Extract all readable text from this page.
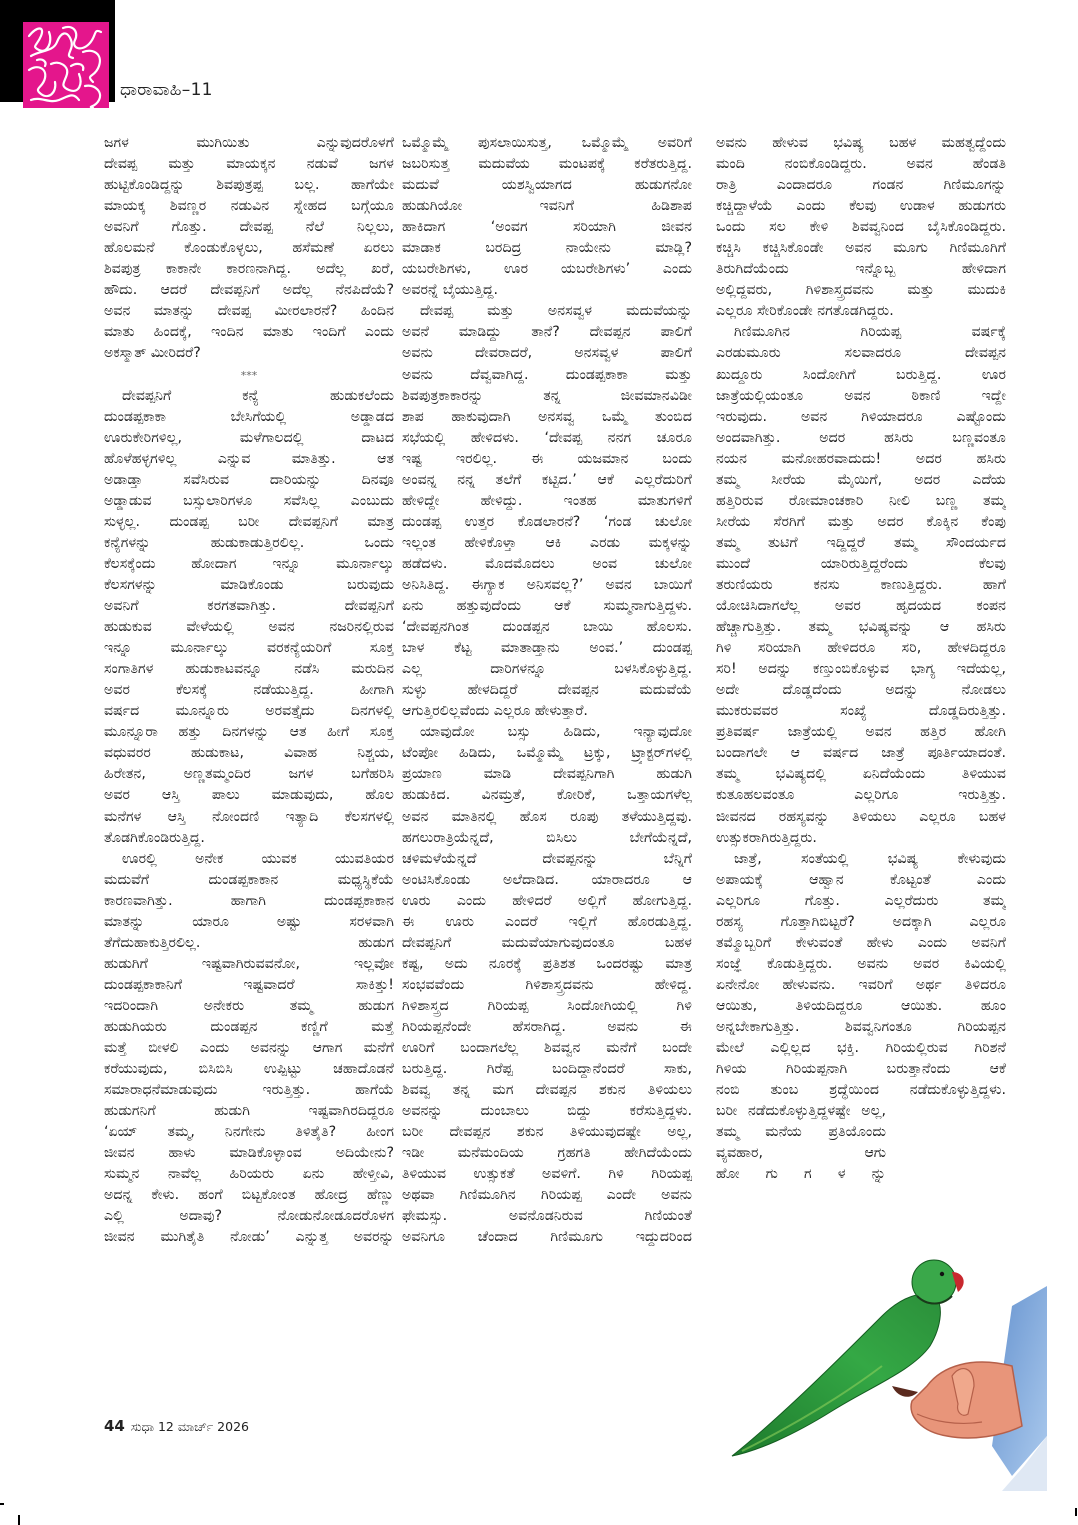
ಧಾರಾವಾಹಿ–11
ಜಗಳ ಮುಗಿಯಿತು ಎನ್ನುವುದರೊಳಗೆ
ದೇವಪ್ಪ ಮತ್ತು ಮಾಯಕ್ಕನ ನಡುವೆ ಜಗಳ
ಹುಟ್ಟಿಕೊಂಡಿದ್ದನ್ನು ಶಿವಪುತ್ರಪ್ಪ ಬಲ್ಲ. ಹಾಗೆಯೇ
ಮಾಯಕ್ಕ ಶಿವಣ್ಣರ ನಡುವಿನ ಸ್ನೇಹದ ಬಗ್ಗೆಯೂ
ಅವನಿಗೆ ಗೊತ್ತು. ದೇವಪ್ಪ ನೆಲೆ ನಿಲ್ಲಲು,
ಹೊಲಮನೆ ಕೊಂಡುಕೊಳ್ಳಲು, ಹಸೆಮಣೆ ಏರಲು
ಶಿವಪುತ್ರ ಕಾಕಾನೇ ಕಾರಣನಾಗಿದ್ದ. ಅದೆಲ್ಲ ಖರೆ,
ಹೌದು. ಆದರೆ ದೇವಪ್ಪನಿಗೆ ಅದೆಲ್ಲ ನೆನಪಿದೆಯೆ?
ಅವನ ಮಾತನ್ನು ದೇವಪ್ಪ ಮೀರಲಾರನೆ? ಹಿಂದಿನ
ಮಾತು ಹಿಂದಕ್ಕೆ, ಇಂದಿನ ಮಾತು ಇಂದಿಗೆ ಎಂದು
ಅಕಸ್ಮಾತ್ ಮೀರಿದರೆ?
***
ದೇವಪ್ಪನಿಗೆ ಕನ್ಯೆ ಹುಡುಕಲೆಂದು
ದುಂಡಪ್ಪಕಾಕಾ ಬೇಸಿಗೆಯಲ್ಲಿ ಅಡ್ಡಾಡದ
ಊರುಕೇರಿಗಳಿಲ್ಲ, ಮಳೆಗಾಲದಲ್ಲಿ ದಾಟದ
ಹೊಳೆಹಳ್ಳಗಳಿಲ್ಲ ಎನ್ನುವ ಮಾತಿತ್ತು. ಆತ
ಅಡಾಡ್ತಾ ಸವೆಸಿರುವ ದಾರಿಯನ್ನು ದಿನವೂ
ಅಡ್ಡಾಡುವ ಬಸ್ಸುಲಾರಿಗಳೂ ಸವೆಸಿಲ್ಲ ಎಂಬುದು
ಸುಳ್ಳಲ್ಲ. ದುಂಡಪ್ಪ ಬರೀ ದೇವಪ್ಪನಿಗೆ ಮಾತ್ರ
ಕನ್ಯೆಗಳನ್ನು ಹುಡುಕಾಡುತ್ತಿರಲಿಲ್ಲ. ಒಂದು
ಕೆಲಸಕ್ಕೆಂದು ಹೋದಾಗ ಇನ್ನೂ ಮೂರ್ನಾಲ್ಕು
ಕೆಲಸಗಳನ್ನು ಮಾಡಿಕೊಂಡು ಬರುವುದು
ಅವನಿಗೆ ಕರಗತವಾಗಿತ್ತು. ದೇವಪ್ಪನಿಗೆ
ಹುಡುಕುವ ವೇಳೆಯಲ್ಲಿ ಅವನ ನಜರಿನಲ್ಲಿರುವ
ಇನ್ನೂ ಮೂರ್ನಾಲ್ಕು ವರಕನ್ಯೆಯರಿಗೆ ಸೂಕ್ತ
ಸಂಗಾತಿಗಳ ಹುಡುಕಾಟವನ್ನೂ ನಡೆಸಿ ಮರುದಿನ
ಅವರ ಕೆಲಸಕ್ಕೆ ನಡೆಯುತ್ತಿದ್ದ. ಹೀಗಾಗಿ
ವರ್ಷದ ಮೂನ್ನೂರು ಅರವತ್ತೈದು ದಿನಗಳಲ್ಲಿ
ಮೂನ್ನೂರಾ ಹತ್ತು ದಿನಗಳನ್ನು ಆತ ಹೀಗೆ ಸೂಕ್ತ
ವಧುವರರ ಹುಡುಕಾಟ, ವಿವಾಹ ನಿಶ್ಚಯ,
ಹಿರೇತನ, ಅಣ್ಣತಮ್ಮಂದಿರ ಜಗಳ ಬಗೆಹರಿಸಿ
ಅವರ ಆಸ್ತಿ ಪಾಲು ಮಾಡುವುದು, ಹೊಲ
ಮನೆಗಳ ಆಸ್ತಿ ನೋಂದಣಿ ಇತ್ಯಾದಿ ಕೆಲಸಗಳಲ್ಲಿ
ತೊಡಗಿಕೊಂಡಿರುತ್ತಿದ್ದ.
ಊರಲ್ಲಿ ಅನೇಕ ಯುವಕ ಯುವತಿಯರ
ಮದುವೆಗೆ ದುಂಡಪ್ಪಕಾಕಾನ ಮಧ್ಯಸ್ಥಿಕೆಯೆ
ಕಾರಣವಾಗಿತ್ತು. ಹಾಗಾಗಿ ದುಂಡಪ್ಪಕಾಕಾನ
ಮಾತನ್ನು ಯಾರೂ ಅಷ್ಟು ಸರಳವಾಗಿ
ತೆಗೆದುಹಾಕುತ್ತಿರಲಿಲ್ಲ. ಹುಡುಗ
ಹುಡುಗಿಗೆ ಇಷ್ಟವಾಗಿರುವವನೋ, ಇಲ್ಲವೋ
ದುಂಡಪ್ಪಕಾಕಾನಿಗೆ ಇಷ್ಟವಾದರೆ ಸಾಕಿತ್ತು!
ಇದರಿಂದಾಗಿ ಅನೇಕರು ತಮ್ಮ ಹುಡುಗ
ಹುಡುಗಿಯರು ದುಂಡಪ್ಪನ ಕಣ್ಣಿಗೆ ಮತ್ತೆ
ಮತ್ತೆ ಬೀಳಲಿ ಎಂದು ಅವನನ್ನು ಆಗಾಗ ಮನೆಗೆ
ಕರೆಯುವುದು, ಬಿಸಿಬಿಸಿ ಉಪ್ಪಿಟ್ಟು ಚಹಾದೊಡನೆ
ಸಮಾರಾಧನೆಮಾಡುವುದು ಇರುತ್ತಿತ್ತು. ಹಾಗೆಯೆ
ಹುಡುಗನಿಗೆ ಹುಡುಗಿ ಇಷ್ಟವಾಗಿರದಿದ್ದರೂ
‘ಏಯ್ ತಮ್ಮ, ನಿನಗೇನು ತಿಳಿತೈತಿ? ಹೀಂಗ
ಜೀವನ ಹಾಳು ಮಾಡಿಕೊಳ್ಳಾಂವ ಅದಿಯೇನು?
ಸುಮ್ಮನ ನಾವೆಲ್ಲ ಹಿರಿಯರು ಏನು ಹೇಳ್ತೀವಿ,
ಅದನ್ನ ಕೇಳು. ಹಂಗೆ ಬಿಟ್ಟಕೋಂತ ಹೋದ್ರ ಹೆಣ್ಣು
ಎಲ್ಲಿ ಅದಾವು? ನೋಡುನೋಡೂದರೊಳಗ
ಜೀವನ ಮುಗಿತೈತಿ ನೋಡು’ ಎನ್ನುತ್ತ ಅವರನ್ನು
ಒಮ್ಮೊಮ್ಮೆ ಪುಸಲಾಯಿಸುತ್ತ, ಒಮ್ಮೊಮ್ಮೆ ಅವರಿಗೆ
ಜಬರಿಸುತ್ತ ಮದುವೆಯ ಮಂಟಪಕ್ಕೆ ಕರೆತರುತ್ತಿದ್ದ.
ಮದುವೆ ಯಶಸ್ವಿಯಾಗದ ಹುಡುಗನೋ
ಹುಡುಗಿಯೋ ಇವನಿಗೆ ಹಿಡಿಶಾಪ
ಹಾಕಿದಾಗ ‘ಅಂವಗ ಸರಿಯಾಗಿ ಜೀವನ
ಮಾಡಾಕ ಬರದಿದ್ರ ನಾಯೇನು ಮಾಡ್ಲಿ?
ಯಬರೇಶಿಗಳು, ಊರ ಯಬರೇಶಿಗಳು’ ಎಂದು
ಅವರನ್ನೆ ಬೈಯುತ್ತಿದ್ದ.
ದೇವಪ್ಪ ಮತ್ತು ಅನಸವ್ವಳ ಮದುವೆಯನ್ನು
ಅವನೆ ಮಾಡಿದ್ದು ತಾನೆ? ದೇವಪ್ಪನ ಪಾಲಿಗೆ
ಅವನು ದೇವರಾದರೆ, ಅನಸವ್ವಳ ಪಾಲಿಗೆ
ಅವನು ದೆವ್ವವಾಗಿದ್ದ. ದುಂಡಪ್ಪಕಾಕಾ ಮತ್ತು
ಶಿವಪುತ್ರಕಾಕಾರನ್ನು ತನ್ನ ಜೀವಮಾನವಿಡೀ
ಶಾಪ ಹಾಕುವುದಾಗಿ ಅನಸವ್ವ ಒಮ್ಮೆ ತುಂಬಿದ
ಸಭೆಯಲ್ಲಿ ಹೇಳಿದಳು. ‘ದೇವಪ್ಪ ನನಗ ಚೂರೂ
ಇಷ್ಟ ಇರಲಿಲ್ಲ. ಈ ಯಜಮಾನ ಬಂದು
ಅಂವನ್ನ ನನ್ನ ತಲೆಗೆ ಕಟ್ಟಿದ.’ ಆಕೆ ಎಲ್ಲರೆದುರಿಗೆ
ಹೇಳಿದ್ದೇ ಹೇಳಿದ್ದು. ಇಂತಹ ಮಾತುಗಳಿಗೆ
ದುಂಡಪ್ಪ ಉತ್ತರ ಕೊಡಲಾರನೆ? ‘ಗಂಡ ಚುಲೋ
ಇಲ್ಲಂತ ಹೇಳಿಕೊಳ್ತಾ ಆಕಿ ಎರಡು ಮಕ್ಕಳನ್ನು
ಹಡೆದಳು. ಮೊದಮೊದಲು ಅಂವ ಚುಲೋ
ಅನಿಸಿತಿದ್ದ. ಈಗ್ಯಾಕ ಅನಿಸವಲ್ಲ?’ ಅವನ ಬಾಯಿಗೆ
ಏನು ಹತ್ತುವುದೆಂದು ಆಕೆ ಸುಮ್ಮನಾಗುತ್ತಿದ್ದಳು.
‘ದೇವಪ್ಪನಗಿಂತ ದುಂಡಪ್ಪನ ಬಾಯಿ ಹೊಲಸು.
ಬಾಳ ಕೆಟ್ಟ ಮಾತಾಡ್ತಾನು ಅಂವ.’ ದುಂಡಪ್ಪ
ಎಲ್ಲ ದಾರಿಗಳನ್ನೂ ಬಳಸಿಕೊಳ್ಳುತ್ತಿದ್ದ.
ಸುಳ್ಳು ಹೇಳದಿದ್ದರೆ ದೇವಪ್ಪನ ಮದುವೆಯೆ
ಆಗುತ್ತಿರಲಿಲ್ಲವೆಂದು ಎಲ್ಲರೂ ಹೇಳುತ್ತಾರೆ.
ಯಾವುದೋ ಬಸ್ಸು ಹಿಡಿದು, ಇನ್ಯಾವುದೋ
ಟೆಂಪೋ ಹಿಡಿದು, ಒಮ್ಮೊಮ್ಮೆ ಟ್ರಕ್ಕು, ಟ್ರ್ಯಾಕ್ಟರ್‌ಗಳಲ್ಲಿ
ಪ್ರಯಾಣ ಮಾಡಿ ದೇವಪ್ಪನಿಗಾಗಿ ಹುಡುಗಿ
ಹುಡುಕಿದ. ವಿನಮ್ರತೆ, ಕೋರಿಕೆ, ಒತ್ತಾಯಗಳೆಲ್ಲ
ಅವನ ಮಾತಿನಲ್ಲಿ ಹೊಸ ರೂಪು ತಳೆಯುತ್ತಿದ್ದವು.
ಹಗಲುರಾತ್ರಿಯೆನ್ನದೆ, ಬಿಸಿಲು ಬೇಗೆಯೆನ್ನದೆ,
ಚಳಿಮಳೆಯೆನ್ನದೆ ದೇವಪ್ಪನನ್ನು ಬೆನ್ನಿಗೆ
ಅಂಟಿಸಿಕೊಂಡು ಅಲೆದಾಡಿದ. ಯಾರಾದರೂ ಆ
ಊರು ಎಂದು ಹೇಳಿದರೆ ಅಲ್ಲಿಗೆ ಹೋಗುತ್ತಿದ್ದ.
ಈ ಊರು ಎಂದರೆ ಇಲ್ಲಿಗೆ ಹೊರಡುತ್ತಿದ್ದ.
ದೇವಪ್ಪನಿಗೆ ಮದುವೆಯಾಗುವುದಂತೂ ಬಹಳ
ಕಷ್ಟ, ಅದು ನೂರಕ್ಕೆ ಪ್ರತಿಶತ ಒಂದರಷ್ಟು ಮಾತ್ರ
ಸಂಭವವೆಂದು ಗಿಳಿಶಾಸ್ತ್ರದವನು ಹೇಳಿದ್ದ.
ಗಿಳಿಶಾಸ್ತ್ರದ ಗಿರಿಯಪ್ಪ ಸಿಂದೋಗಿಯಲ್ಲಿ ಗಿಳಿ
ಗಿರಿಯಪ್ಪನೆಂದೇ ಹೆಸರಾಗಿದ್ದ. ಅವನು ಈ
ಊರಿಗೆ ಬಂದಾಗಲೆಲ್ಲ ಶಿವವ್ವನ ಮನೆಗೆ ಬಂದೇ
ಬರುತ್ತಿದ್ದ. ಗಿರೆಪ್ಪ ಬಂದಿದ್ದಾನೆಂದರೆ ಸಾಕು,
ಶಿವವ್ವ ತನ್ನ ಮಗ ದೇವಪ್ಪನ ಶಕುನ ತಿಳಿಯಲು
ಅವನನ್ನು ದುಂಬಾಲು ಬಿದ್ದು ಕರೆಸುತ್ತಿದ್ದಳು.
ಬರೀ ದೇವಪ್ಪನ ಶಕುನ ತಿಳಿಯುವುದಷ್ಟೇ ಅಲ್ಲ,
ಇಡೀ ಮನೆಮಂದಿಯ ಗ್ರಹಗತಿ ಹೇಗಿದೆಯೆಂದು
ತಿಳಿಯುವ ಉತ್ಸುಕತೆ ಅವಳಿಗೆ. ಗಿಳಿ ಗಿರಿಯಪ್ಪ
ಅಥವಾ ಗಿಣಿಮೂಗಿನ ಗಿರಿಯಪ್ಪ ಎಂದೇ ಅವನು
ಫೇಮಸ್ಸು. ಅವನೊಡನಿರುವ ಗಿಣಿಯಂತೆ
ಅವನಿಗೂ ಚೆಂದಾದ ಗಿಣಿಮೂಗು ಇದ್ದುದರಿಂದ
ಅವನು ಹೇಳುವ ಭವಿಷ್ಯ ಬಹಳ ಮಹತ್ವದ್ದೆಂದು
ಮಂದಿ ನಂಬಿಕೊಂಡಿದ್ದರು. ಅವನ ಹೆಂಡತಿ
ರಾತ್ರಿ ಎಂದಾದರೂ ಗಂಡನ ಗಿಣಿಮೂಗನ್ನು
ಕಚ್ಚಿದ್ದಾಳೆಯೆ ಎಂದು ಕೆಲವು ಉಡಾಳ ಹುಡುಗರು
ಒಂದು ಸಲ ಕೇಳಿ ಶಿವವ್ವನಿಂದ ಬೈಸಿಕೊಂಡಿದ್ದರು.
ಕಚ್ಚಿಸಿ ಕಚ್ಚಿಸಿಕೊಂಡೇ ಅವನ ಮೂಗು ಗಿಣಿಮೂಗಿಗೆ
ತಿರುಗಿದೆಯೆಂದು ಇನ್ನೊಬ್ಬ ಹೇಳಿದಾಗ
ಅಲ್ಲಿದ್ದವರು, ಗಿಳಿಶಾಸ್ತ್ರದವನು ಮತ್ತು ಮುದುಕಿ
ಎಲ್ಲರೂ ಸೇರಿಕೊಂಡೇ ನಗತೊಡಗಿದ್ದರು.
ಗಿಣಿಮೂಗಿನ ಗಿರಿಯಪ್ಪ ವರ್ಷಕ್ಕೆ
ಎರಡುಮೂರು ಸಲವಾದರೂ ದೇವಪ್ಪನ
ಖುದ್ದೂರು ಸಿಂದೋಗಿಗೆ ಬರುತ್ತಿದ್ದ. ಊರ
ಜಾತ್ರೆಯಲ್ಲಿಯಂತೂ ಅವನ ಠಿಕಾಣಿ ಇದ್ದೇ
ಇರುವುದು. ಅವನ ಗಿಳಿಯಾದರೂ ಎಷ್ಟೊಂದು
ಅಂದವಾಗಿತ್ತು. ಅದರ ಹಸಿರು ಬಣ್ಣವಂತೂ
ನಯನ ಮನೋಹರವಾದುದು! ಅದರ ಹಸಿರು
ತಮ್ಮ ಸೀರೆಯ ಮೈಯಿಗೆ, ಅದರ ಎದೆಯ
ಹತ್ತಿರಿರುವ ರೋಮಾಂಚಕಾರಿ ನೀಲಿ ಬಣ್ಣ ತಮ್ಮ
ಸೀರೆಯ ಸೆರಗಿಗೆ ಮತ್ತು ಅದರ ಕೊಕ್ಕಿನ ಕೆಂಪು
ತಮ್ಮ ತುಟಿಗೆ ಇದ್ದಿದ್ದರೆ ತಮ್ಮ ಸೌಂದರ್ಯದ
ಮುಂದೆ ಯಾರಿರುತ್ತಿದ್ದರೆಂದು ಕೆಲವು
ತರುಣಿಯರು ಕನಸು ಕಾಣುತ್ತಿದ್ದರು. ಹಾಗೆ
ಯೋಚಿಸಿದಾಗಲೆಲ್ಲ ಅವರ ಹೃದಯದ ಕಂಪನ
ಹೆಚ್ಚಾಗುತ್ತಿತ್ತು. ತಮ್ಮ ಭವಿಷ್ಯವನ್ನು ಆ ಹಸಿರು
ಗಿಳಿ ಸರಿಯಾಗಿ ಹೇಳಿದರೂ ಸರಿ, ಹೇಳದಿದ್ದರೂ
ಸರಿ! ಅದನ್ನು ಕಣ್ತುಂಬಿಕೊಳ್ಳುವ ಭಾಗ್ಯ ಇದೆಯಲ್ಲ,
ಅದೇ ದೊಡ್ಡದೆಂದು ಅದನ್ನು ನೋಡಲು
ಮುಕರುವವರ ಸಂಖ್ಯೆ ದೊಡ್ಡದಿರುತ್ತಿತ್ತು.
ಪ್ರತಿವರ್ಷ ಜಾತ್ರೆಯಲ್ಲಿ ಅವನ ಹತ್ತಿರ ಹೋಗಿ
ಬಂದಾಗಲೇ ಆ ವರ್ಷದ ಜಾತ್ರೆ ಪೂರ್ತಿಯಾದಂತೆ.
ತಮ್ಮ ಭವಿಷ್ಯದಲ್ಲಿ ಏನಿದೆಯೆಂದು ತಿಳಿಯುವ
ಕುತೂಹಲವಂತೂ ಎಲ್ಲರಿಗೂ ಇರುತ್ತಿತ್ತು.
ಜೀವನದ ರಹಸ್ಯವನ್ನು ತಿಳಿಯಲು ಎಲ್ಲರೂ ಬಹಳ
ಉತ್ಸುಕರಾಗಿರುತ್ತಿದ್ದರು.
ಜಾತ್ರೆ, ಸಂತೆಯಲ್ಲಿ ಭವಿಷ್ಯ ಕೇಳುವುದು
ಅಪಾಯಕ್ಕೆ ಆಹ್ವಾನ ಕೊಟ್ಟಂತೆ ಎಂದು
ಎಲ್ಲರಿಗೂ ಗೊತ್ತು. ಎಲ್ಲರೆದುರು ತಮ್ಮ
ರಹಸ್ಯ ಗೊತ್ತಾಗಿಬಿಟ್ಟರೆ? ಅದಕ್ಕಾಗಿ ಎಲ್ಲರೂ
ತಮ್ಮೊಬ್ಬರಿಗೆ ಕೇಳುವಂತೆ ಹೇಳು ಎಂದು ಅವನಿಗೆ
ಸಂಜ್ಞೆ ಕೊಡುತ್ತಿದ್ದರು. ಅವನು ಅವರ ಕಿವಿಯಲ್ಲಿ
ಏನೇನೋ ಹೇಳುವನು. ಇವರಿಗೆ ಅರ್ಥ ತಿಳಿದರೂ
ಆಯಿತು, ತಿಳಿಯದಿದ್ದರೂ ಆಯಿತು. ಹೂಂ
ಅನ್ನಬೇಕಾಗುತ್ತಿತ್ತು. ಶಿವವ್ವನಿಗಂತೂ ಗಿರಿಯಪ್ಪನ
ಮೇಲೆ ಎಲ್ಲಿಲ್ಲದ ಭಕ್ತಿ. ಗಿರಿಯಲ್ಲಿರುವ ಗಿರಿಶನೆ
ಗಿಳಿಯ ಗಿರಿಯಪ್ಪನಾಗಿ ಬರುತ್ತಾನೆಂದು ಆಕೆ
ನಂಬಿ ತುಂಬ ಶ್ರದ್ಧೆಯಿಂದ ನಡೆದುಕೊಳ್ಳುತ್ತಿದ್ದಳು.
ಬರೀ ನಡೆದುಕೊಳ್ಳುತ್ತಿದ್ದಳಷ್ಟೇ ಅಲ್ಲ,
ತಮ್ಮ ಮನೆಯ ಪ್ರತಿಯೊಂದು
ವ್ಯವಹಾರ, ಆಗು
ಹೋ ಗು ಗ ಳ ನ್ನು
44 ಸುಧಾ 12 ಮಾರ್ಚ್ 2026
